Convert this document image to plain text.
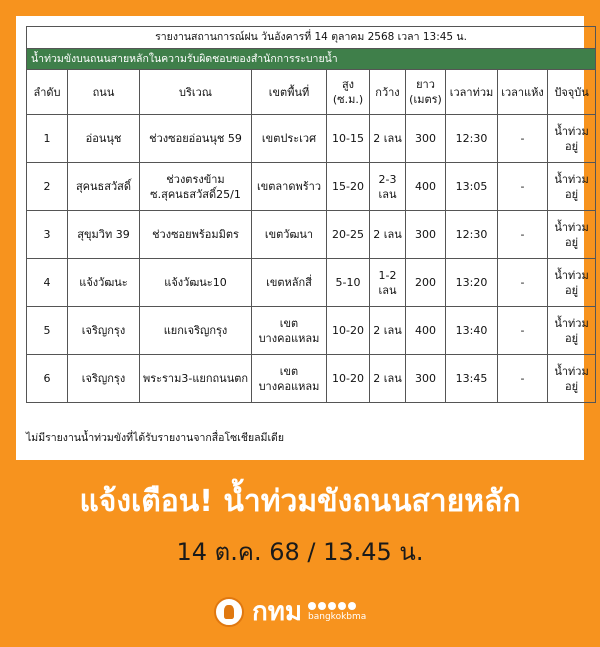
รายงานสถานการณ์ฝน วันอังคารที่ 14 ตุลาคม 2568 เวลา 13:45 น.									
น้ำท่วมขังบนถนนสายหลักในความรับผิดชอบของสำนักการระบายน้ำ									
ลำดับ	ถนน	บริเวณ	เขตพื้นที่	สูง (ซ.ม.)	กว้าง	ยาว (เมตร)	เวลาท่วม	เวลาแห้ง	ปัจจุบัน
1	อ่อนนุช	ช่วงซอยอ่อนนุช 59	เขตประเวศ	10-15	2 เลน	300	12:30	-	น้ำท่วมอยู่
2	สุคนธสวัสดิ์	ช่วงตรงข้าม ซ.สุคนธสวัสดิ์25/1	เขตลาดพร้าว	15-20	2-3 เลน	400	13:05	-	น้ำท่วมอยู่
3	สุขุมวิท 39	ช่วงซอยพร้อมมิตร	เขตวัฒนา	20-25	2 เลน	300	12:30	-	น้ำท่วมอยู่
4	แจ้งวัฒนะ	แจ้งวัฒนะ10	เขตหลักสี่	5-10	1-2 เลน	200	13:20	-	น้ำท่วมอยู่
5	เจริญกรุง	แยกเจริญกรุง	เขตบางคอแหลม	10-20	2 เลน	400	13:40	-	น้ำท่วมอยู่
6	เจริญกรุง	พระราม3-แยกถนนตก	เขตบางคอแหลม	10-20	2 เลน	300	13:45	-	น้ำท่วมอยู่
ไม่มีรายงานน้ำท่วมขังที่ได้รับรายงานจากสื่อโซเชียลมีเดีย
แจ้งเตือน! น้ำท่วมขังถนนสายหลัก
14 ต.ค. 68 / 13.45 น.
กทม bangkokbma
